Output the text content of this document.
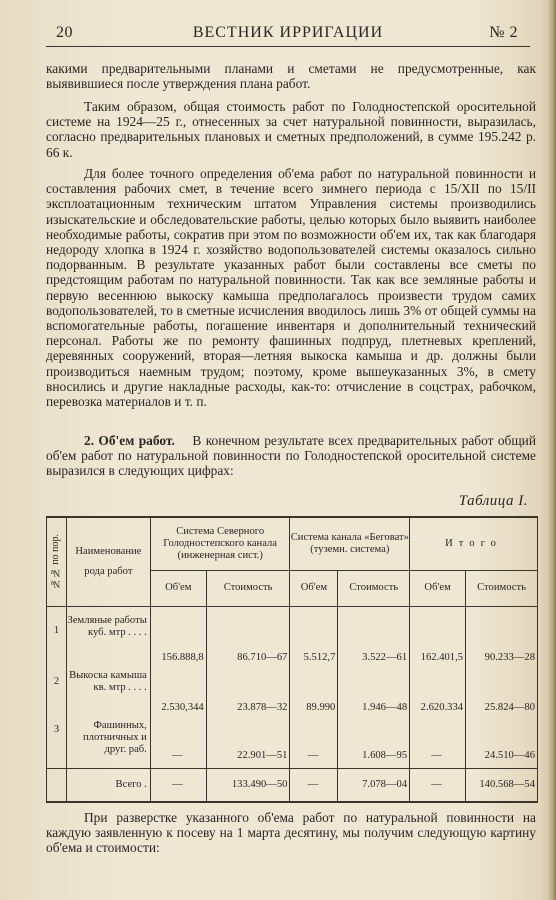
20	ВЕСТНИК ИРРИГАЦИИ	№ 2

какими предварительными планами и сметами не предусмотренные, как выявившиеся после утверждения плана работ.

Таким образом, общая стоимость работ по Голодностепской оросительной системе на 1924—25 г., отнесенных за счет натуральной повинности, выразилась, согласно предварительных плановых и сметных предположений, в сумме 195.242 р. 66 к.

Для более точного определения об'ема работ по натуральной повинности и составления рабочих смет, в течение всего зимнего периода с 15/XII по 15/II эксплоатационным техническим штатом Управления системы производились изыскательские и обследовательские работы, целью которых было выявить наиболее необходимые работы, сократив при этом по возможности об'ем их, так как благодаря недороду хлопка в 1924 г. хозяйство водопользователей системы оказалось сильно подорванным. В результате указанных работ были составлены все сметы по предстоящим работам по натуральной повинности. Так как все земляные работы и первую весеннюю выкоску камыша предполагалось произвести трудом самих водопользователей, то в сметные исчисления вводилось лишь 3% от общей суммы на вспомогательные работы, погашение инвентаря и дополнительный технический персонал. Работы же по ремонту фашинных подпруд, плетневых креплений, деревянных сооружений, вторая—летняя выкоска камыша и др. должны были производиться наемным трудом; поэтому, кроме вышеуказанных 3%, в смету вносились и другие накладные расходы, как-то: отчисление в соцстрах, рабочком, перевозка материалов и т. п.

2. Об'ем работ. В конечном результате всех предварительных работ общий об'ем работ по натуральной повинности по Голодностепской оросительной системе выразился в следующих цифрах:

Таблица I.
№№ по пор.	Наименование рода работ	Система Северного Голодностепского канала (инженерная сист.)		Система канала «Беговат» (туземн. система)		Итого	
		Об'ем	Стоимость	Об'ем	Стоимость	Об'ем	Стоимость
1	Земляные работы куб. мтр . . . .	156.888,8	86.710—67	5.512,7	3.522—61	162.401,5	90.233—28
2	Выкоска камыша кв. мтр . . . .	2.530,344	23.878—32	89.990	1.946—48	2.620.334	25.824—80
3	Фашинных, плотничных и друг. раб.	—	22.901—51	—	1.608—95	—	24.510—46
	Всего .	—	133.490—50	—	7.078—04	—	140.568—54

При разверстке указанного об'ема работ по натуральной повинности на каждую заявленную к посеву на 1 марта десятину, мы получим следующую картину об'ема и стоимости:
